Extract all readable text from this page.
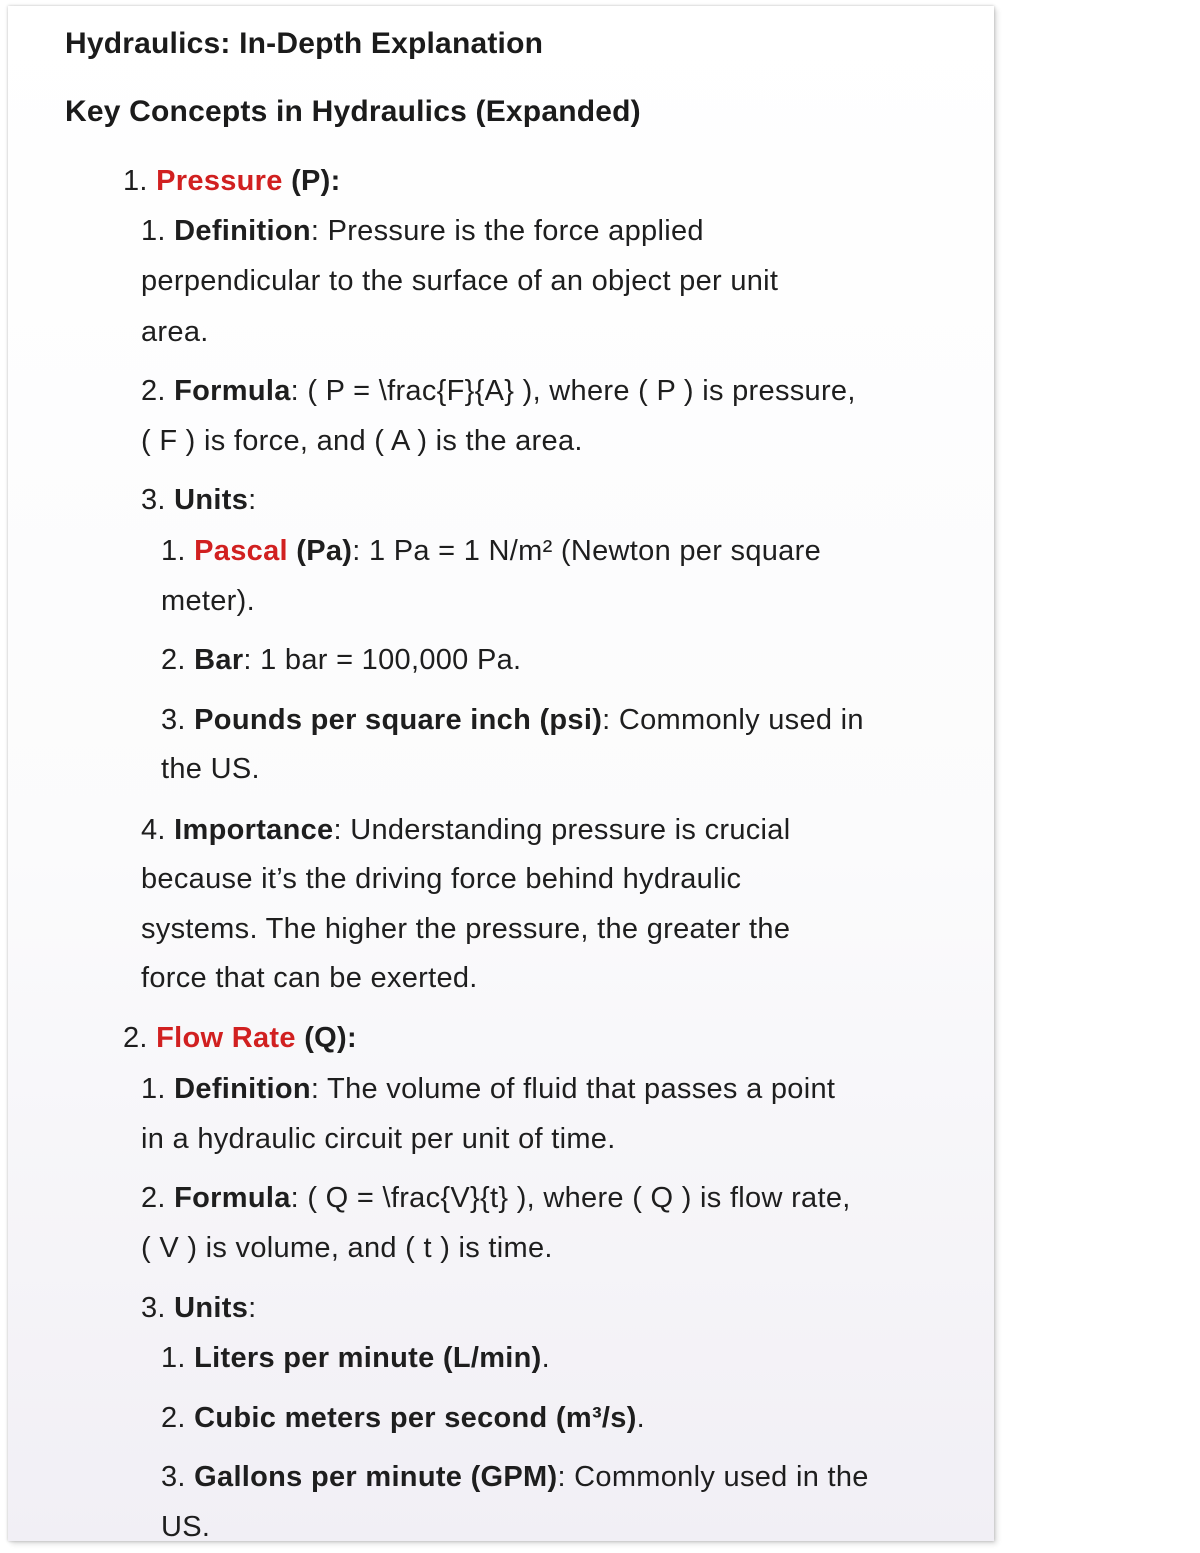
Hydraulics: In-Depth Explanation
Key Concepts in Hydraulics (Expanded)
1. Pressure (P):
1. Definition: Pressure is the force applied
perpendicular to the surface of an object per unit
area.
2. Formula: ( P = \frac{F}{A} ), where ( P ) is pressure,
( F ) is force, and ( A ) is the area.
3. Units:
1. Pascal (Pa): 1 Pa = 1 N/m² (Newton per square
meter).
2. Bar: 1 bar = 100,000 Pa.
3. Pounds per square inch (psi): Commonly used in
the US.
4. Importance: Understanding pressure is crucial
because it’s the driving force behind hydraulic
systems. The higher the pressure, the greater the
force that can be exerted.
2. Flow Rate (Q):
1. Definition: The volume of fluid that passes a point
in a hydraulic circuit per unit of time.
2. Formula: ( Q = \frac{V}{t} ), where ( Q ) is flow rate,
( V ) is volume, and ( t ) is time.
3. Units:
1. Liters per minute (L/min).
2. Cubic meters per second (m³/s).
3. Gallons per minute (GPM): Commonly used in the
US.
